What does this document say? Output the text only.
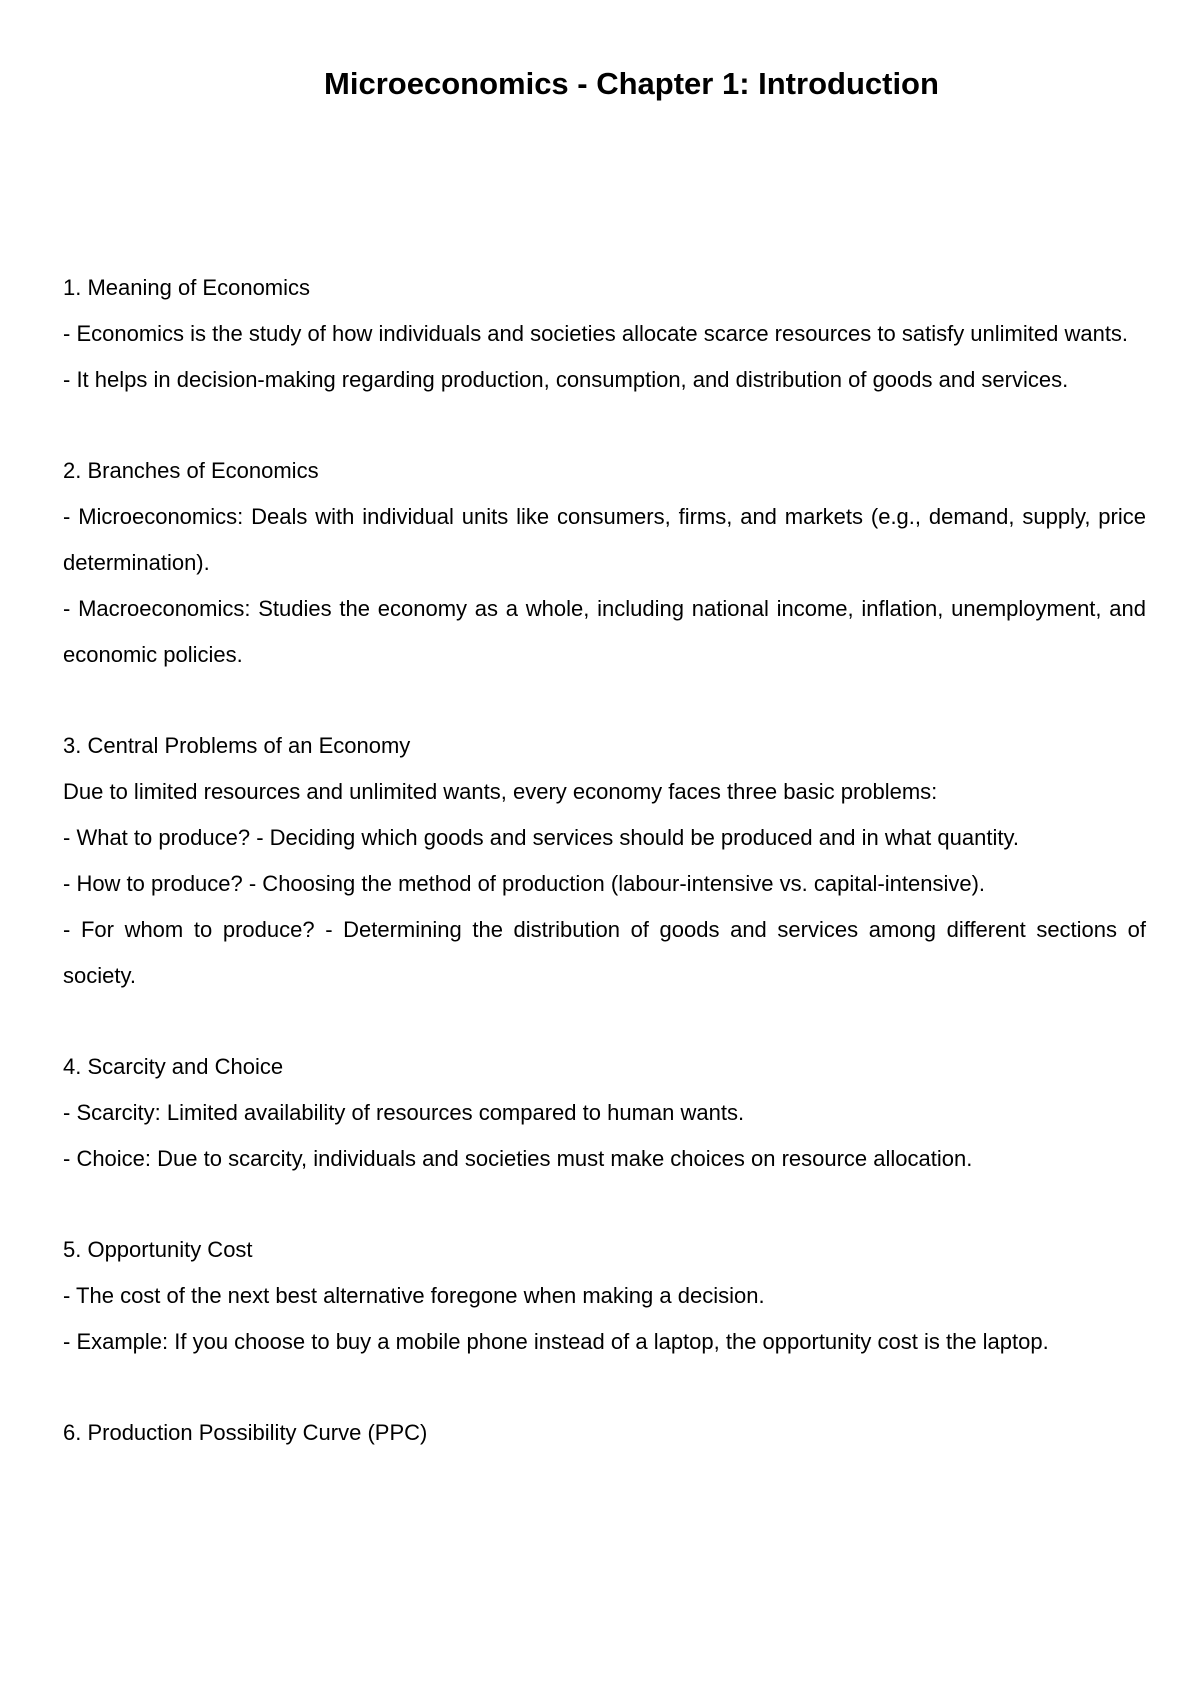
Microeconomics - Chapter 1: Introduction

1. Meaning of Economics

- Economics is the study of how individuals and societies allocate scarce resources to satisfy unlimited wants.

- It helps in decision-making regarding production, consumption, and distribution of goods and services.

2. Branches of Economics

- Microeconomics: Deals with individual units like consumers, firms, and markets (e.g., demand, supply, price determination).

- Macroeconomics: Studies the economy as a whole, including national income, inflation, unemployment, and economic policies.

3. Central Problems of an Economy

Due to limited resources and unlimited wants, every economy faces three basic problems:

- What to produce? - Deciding which goods and services should be produced and in what quantity.

- How to produce? - Choosing the method of production (labour-intensive vs. capital-intensive).

- For whom to produce? - Determining the distribution of goods and services among different sections of society.

4. Scarcity and Choice

- Scarcity: Limited availability of resources compared to human wants.

- Choice: Due to scarcity, individuals and societies must make choices on resource allocation.

5. Opportunity Cost

- The cost of the next best alternative foregone when making a decision.

- Example: If you choose to buy a mobile phone instead of a laptop, the opportunity cost is the laptop.

6. Production Possibility Curve (PPC)
